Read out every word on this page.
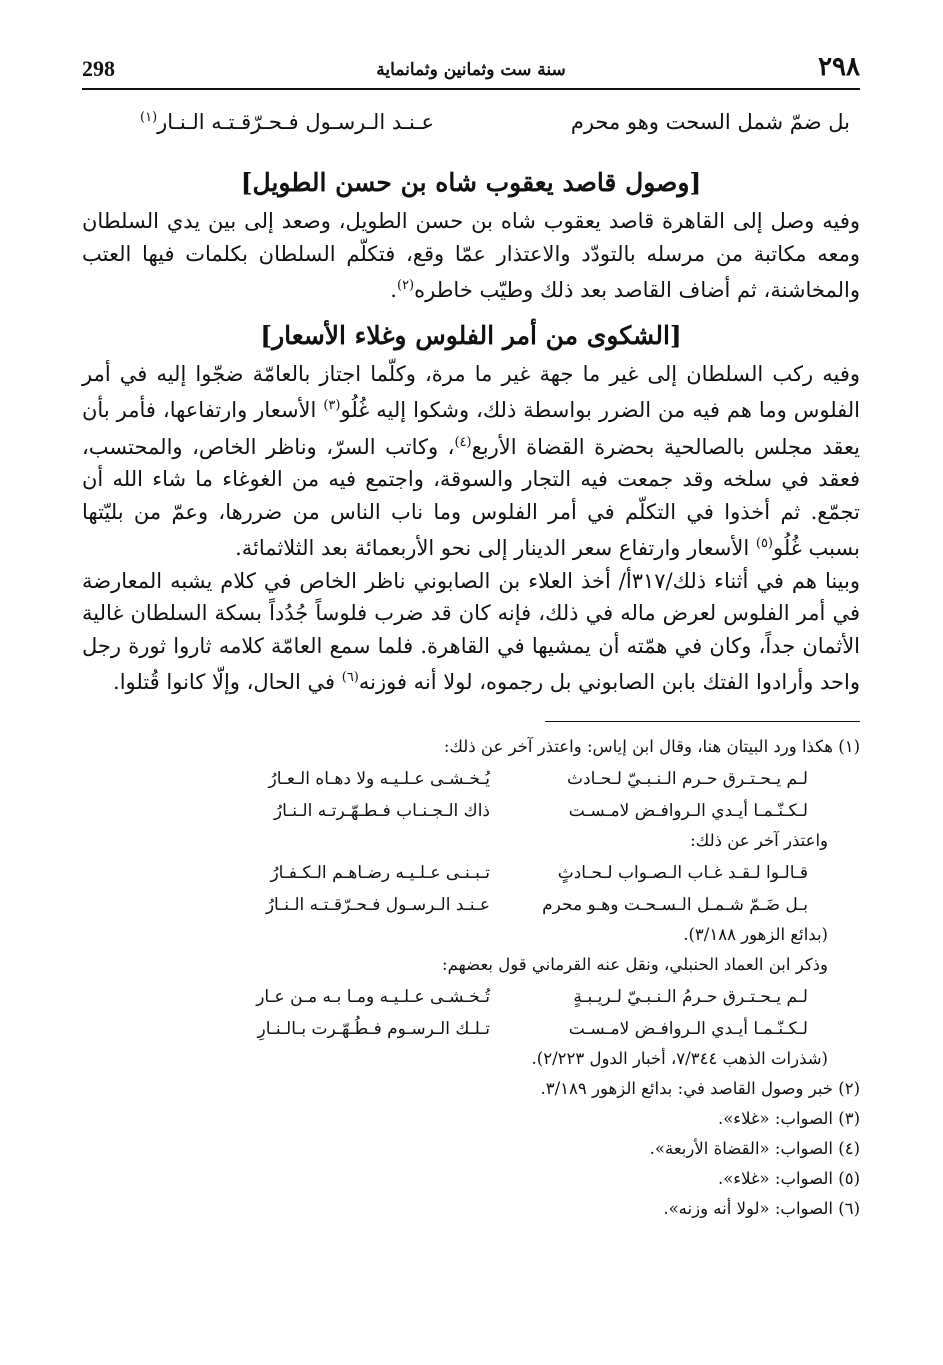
٢٩٨
سنة ست وثمانين وثمانماية
298
بل ضمّ شمل السحت وهو محرم
عـنـد الـرسـول فـحـرّقـتـه الـنـار$^{(١)}$
[وصول قاصد يعقوب شاه بن حسن الطويل]

وفيه وصل إلى القاهرة قاصد يعقوب شاه بن حسن الطويل، وصعد إلى بين يدي السلطان ومعه مكاتبة من مرسله بالتودّد والاعتذار عمّا وقع، فتكلّم السلطان بكلمات فيها العتب والمخاشنة، ثم أضاف القاصد بعد ذلك وطيّب خاطره$^{(٢)}$.

[الشكوى من أمر الفلوس وغلاء الأسعار]

وفيه ركب السلطان إلى غير ما جهة غير ما مرة، وكلّما اجتاز بالعامّة ضجّوا إليه في أمر الفلوس وما هم فيه من الضرر بواسطة ذلك، وشكوا إليه غُلُو$^{(٣)}$ الأسعار وارتفاعها، فأمر بأن يعقد مجلس بالصالحية بحضرة القضاة الأربع$^{(٤)}$، وكاتب السرّ، وناظر الخاص، والمحتسب، فعقد في سلخه وقد جمعت فيه التجار والسوقة، واجتمع فيه من الغوغاء ما شاء الله أن تجمّع. ثم أخذوا في التكلّم في أمر الفلوس وما ناب الناس من ضررها، وعمّ من بليّتها بسبب غُلُو$^{(٥)}$ الأسعار وارتفاع سعر الدينار إلى نحو الأربعمائة بعد الثلاثمائة.

وبينا هم في أثناء ذلك/٣١٧أ/ أخذ العلاء بن الصابوني ناظر الخاص في كلام يشبه المعارضة في أمر الفلوس لعرض ماله في ذلك، فإنه كان قد ضرب فلوساً جُدُداً بسكة السلطان غالية الأثمان جداً، وكان في همّته أن يمشيها في القاهرة. فلما سمع العامّة كلامه ثاروا ثورة رجل واحد وأرادوا الفتك بابن الصابوني بل رجموه، لولا أنه فوزنه$^{(٦)}$ في الحال، وإلّا كانوا قُتلوا.

(١) هكذا ورد البيتان هنا، وقال ابن إياس: واعتذر آخر عن ذلك:
لـم يـحـتـرق حـرم الـنـبـيّ لـحـادث
يُـخـشـى عـلـيـه ولا دهـاه الـعـارُ
لـكـنّـمـا أيـدي الـروافـض لامـسـت
ذاك الـجـنـاب فـطـهّـرتـه الـنـارُ
واعتذر آخر عن ذلك:
قـالـوا لـقـد غـاب الـصـواب لـحـادثٍ
تـبـنـى عـلـيـه رضـاهـم الـكـفـارُ
بـل ضَـمّ شـمـل الـسـحـت وهـو محرم
عـنـد الـرسـول فـحـرّقـتـه الـنـارُ
(بدائع الزهور ٣/١٨٨).
وذكر ابن العماد الحنبلي، ونقل عنه القرماني قول بعضهم:
لـم يـحـتـرق حـرمُ الـنـبـيّ لـريـبـةٍ
تُـخـشـى عـلـيـه ومـا بـه مـن عـار
لـكـنّـمـا أيـدي الـروافـض لامـسـت
تـلـك الـرسـوم فـطُـهّـرت بـالـنـارِ
(شذرات الذهب ٧/٣٤٤، أخبار الدول ٢/٢٢٣).
(٢) خبر وصول القاصد في: بدائع الزهور ٣/١٨٩.
(٣) الصواب: «غلاء».
(٤) الصواب: «القضاة الأربعة».
(٥) الصواب: «غلاء».
(٦) الصواب: «لولا أنه وزنه».
